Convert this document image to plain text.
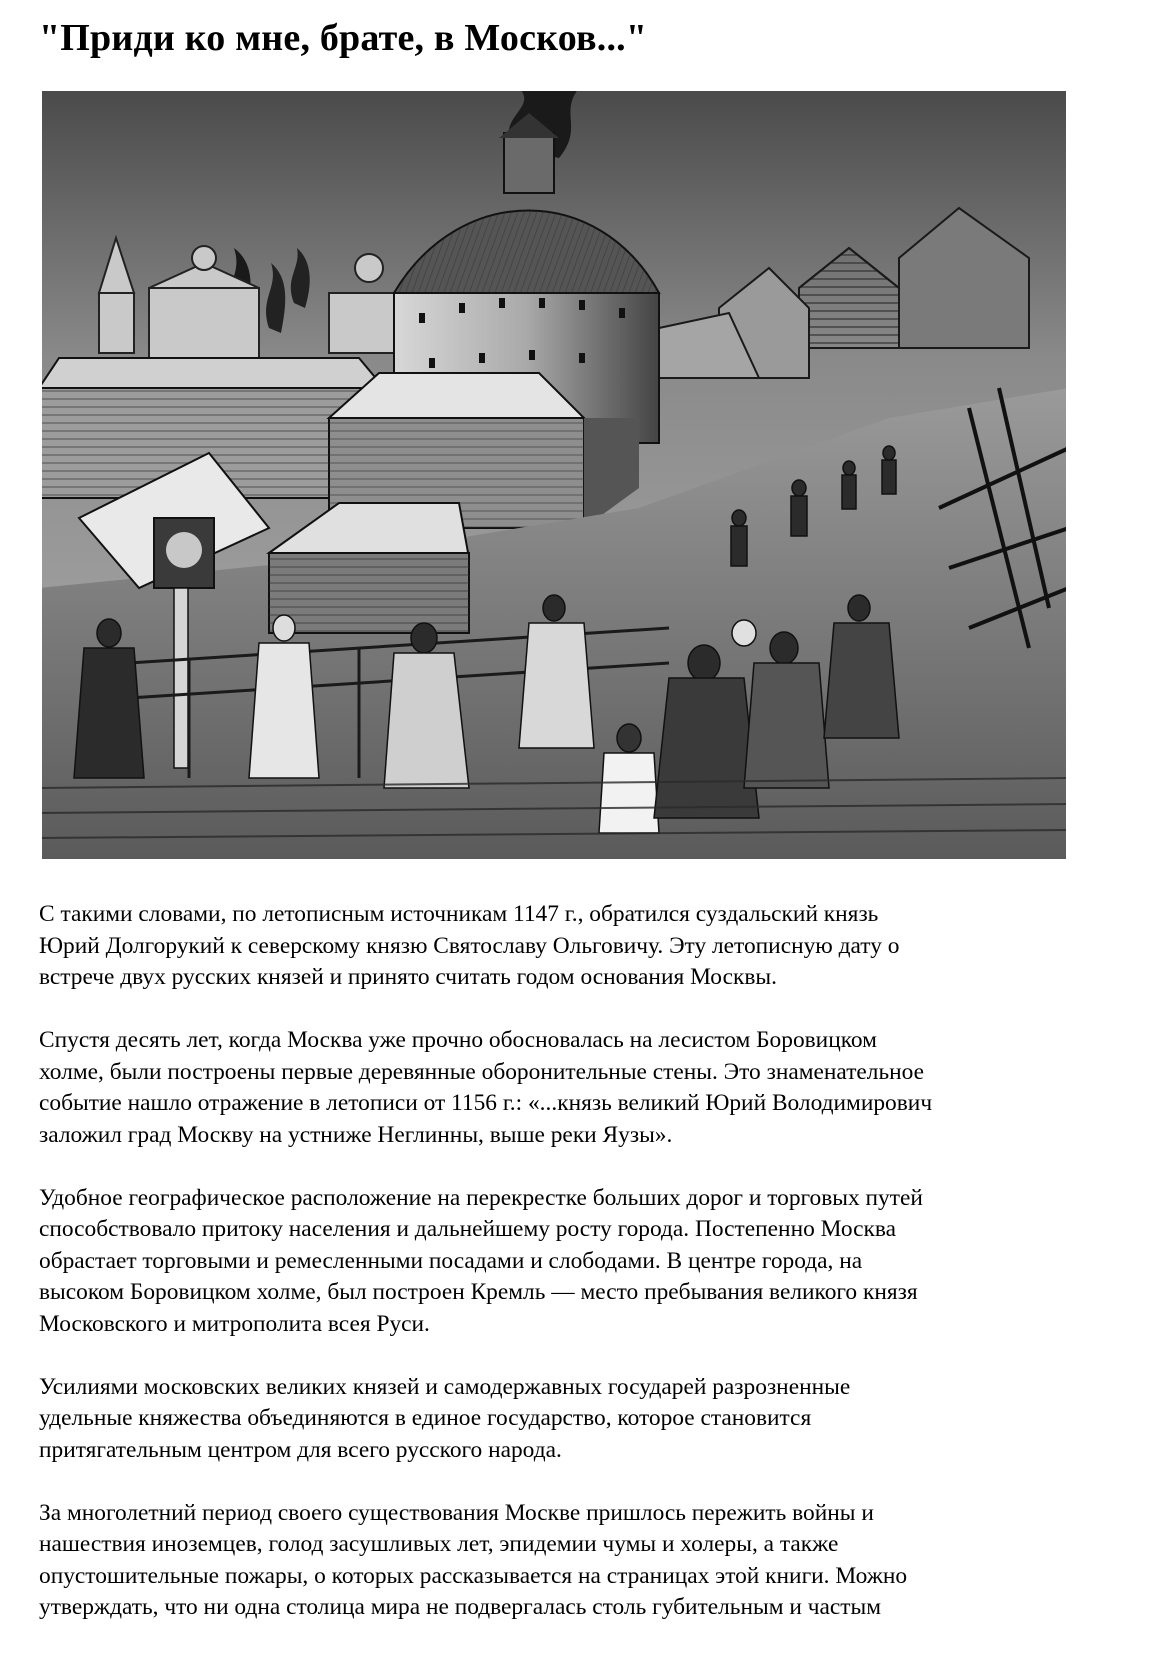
"Приди ко мне, брате, в Москов..."

С такими словами, по летописным источникам 1147 г., обратился суздальский князь
Юрий Долгорукий к северскому князю Святославу Ольговичу. Эту летописную дату о
встрече двух русских князей и принято считать годом основания Москвы.

Спустя десять лет, когда Москва уже прочно обосновалась на лесистом Боровицком
холме, были построены первые деревянные оборонительные стены. Это знаменательное
событие нашло отражение в летописи от 1156 г.: «...князь великий Юрий Володимирович
заложил град Москву на устниже Неглинны, выше реки Яузы».

Удобное географическое расположение на перекрестке больших дорог и торговых путей
способствовало притоку населения и дальнейшему росту города. Постепенно Москва
обрастает торговыми и ремесленными посадами и слободами. В центре города, на
высоком Боровицком холме, был построен Кремль — место пребывания великого князя
Московского и митрополита всея Руси.

Усилиями московских великих князей и самодержавных государей разрозненные
удельные княжества объединяются в единое государство, которое становится
притягательным центром для всего русского народа.

За многолетний период своего существования Москве пришлось пережить войны и
нашествия иноземцев, голод засушливых лет, эпидемии чумы и холеры, а также
опустошительные пожары, о которых рассказывается на страницах этой книги. Можно
утверждать, что ни одна столица мира не подвергалась столь губительным и частым
